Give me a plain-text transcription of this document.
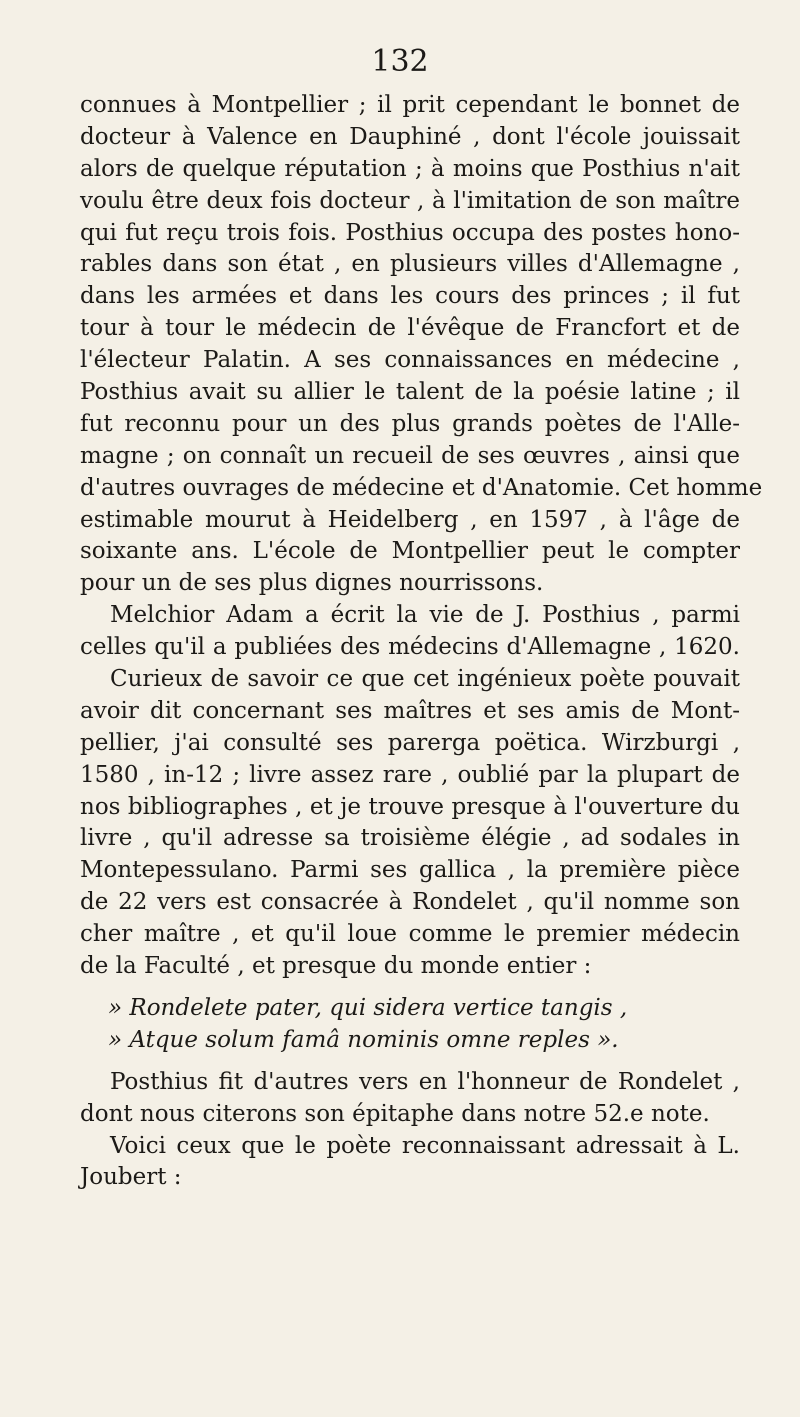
132
connues à Montpellier ; il prit cependant le bonnet de
docteur à Valence en Dauphiné , dont l'école jouissait
alors de quelque réputation ; à moins que Posthius n'ait
voulu être deux fois docteur , à l'imitation de son maître
qui fut reçu trois fois. Posthius occupa des postes hono-
rables dans son état , en plusieurs villes d'Allemagne ,
dans les armées et dans les cours des princes ; il fut
tour à tour le médecin de l'évêque de Francfort et de
l'électeur Palatin. A ses connaissances en médecine ,
Posthius avait su allier le talent de la poésie latine ; il
fut reconnu pour un des plus grands poètes de l'Alle-
magne ; on connaît un recueil de ses œuvres , ainsi que
d'autres ouvrages de médecine et d'Anatomie. Cet homme
estimable mourut à Heidelberg , en 1597 , à l'âge de
soixante ans. L'école de Montpellier peut le compter
pour un de ses plus dignes nourrissons.
Melchior Adam a écrit la vie de J. Posthius , parmi
celles qu'il a publiées des médecins d'Allemagne , 1620.
Curieux de savoir ce que cet ingénieux poète pouvait
avoir dit concernant ses maîtres et ses amis de Mont-
pellier, j'ai consulté ses parerga poëtica. Wirzburgi ,
1580 , in-12 ; livre assez rare , oublié par la plupart de
nos bibliographes , et je trouve presque à l'ouverture du
livre , qu'il adresse sa troisième élégie , ad sodales in
Montepessulano. Parmi ses gallica , la première pièce
de 22 vers est consacrée à Rondelet , qu'il nomme son
cher maître , et qu'il loue comme le premier médecin
de la Faculté , et presque du monde entier :
» Rondelete pater, qui sidera vertice tangis ,
» Atque solum famâ nominis omne reples ».
Posthius fit d'autres vers en l'honneur de Rondelet ,
dont nous citerons son épitaphe dans notre 52.e note.
Voici ceux que le poète reconnaissant adressait à L.
Joubert :
